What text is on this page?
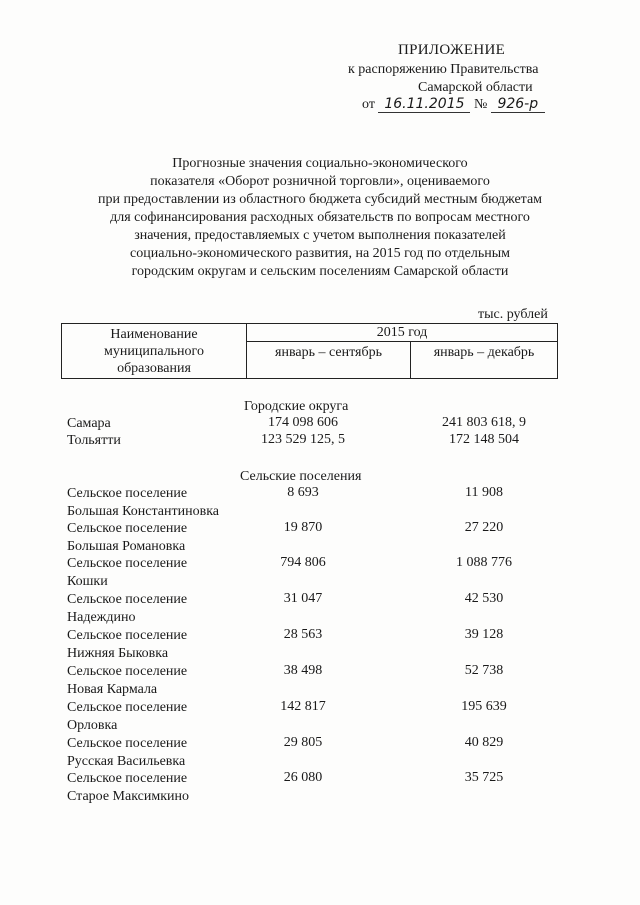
ПРИЛОЖЕНИЕ
к распоряжению Правительства
Самарской области
от 16.11.2015 № 926-р
Прогнозные значения социально-экономического
показателя «Оборот розничной торговли», оцениваемого
при предоставлении из областного бюджета субсидий местным бюджетам
для софинансирования расходных обязательств по вопросам местного
значения, предоставляемых с учетом выполнения показателей
социально-экономического развития, на 2015 год по отдельным
городским округам и сельским поселениям Самарской области
тыс. рублей
Наименование
муниципального
образования	2015 год	
	январь – сентябрь	январь – декабрь
Городские округа
Самара	174 098 606	241 803 618, 9
Тольятти	123 529 125, 5	172 148 504
Сельские поселения
Сельское поселение
Большая Константиновка
8 693	11 908
Сельское поселение
Большая Романовка
19 870	27 220
Сельское поселение
Кошки
794 806	1 088 776
Сельское поселение
Надеждино
31 047	42 530
Сельское поселение
Нижняя Быковка
28 563	39 128
Сельское поселение
Новая Кармала
38 498	52 738
Сельское поселение
Орловка
142 817	195 639
Сельское поселение
Русская Васильевка
29 805	40 829
Сельское поселение
Старое Максимкино
26 080	35 725
